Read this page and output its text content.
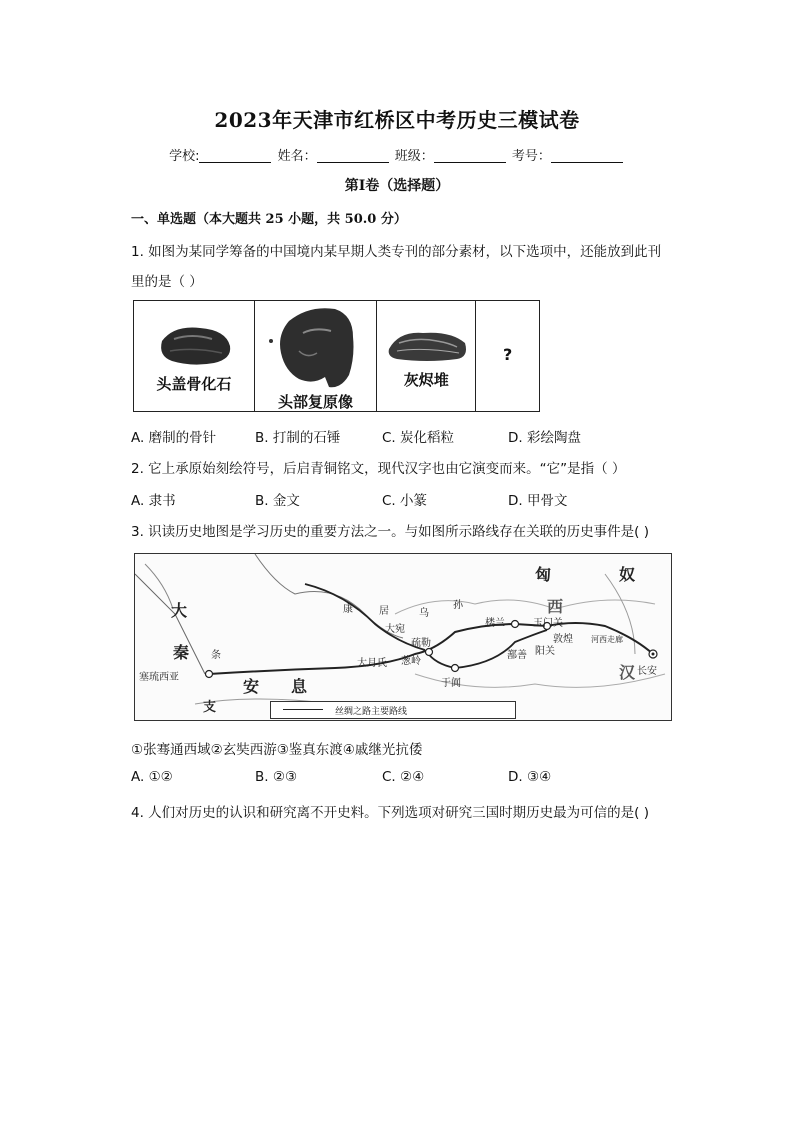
2023年天津市红桥区中考历史三模试卷
学校:	姓名：	班级：	考号：
第I卷（选择题）
一、单选题（本大题共 25 小题，共 50.0 分）
1. 如图为某同学筹备的中国境内某早期人类专刊的部分素材，以下选项中，还能放到此刊
里的是（ ）
头盖骨化石
头部复原像
灰烬堆
?
A. 磨制的骨针	B. 打制的石锤	C. 炭化稻粒	D. 彩绘陶盘
2. 它上承原始刻绘符号，后启青铜铭文，现代汉字也由它演变而来。“它”是指（ ）
A. 隶书	B. 金文	C. 小篆	D. 甲骨文
3. 识读历史地图是学习历史的重要方法之一。与如图所示路线存在关联的历史事件是( )
大
秦
安 息
支
匈	奴
西
汉
康	居	乌
孙
大宛
疏勒
葱岭
大月氏
于阗
楼兰	玉门关
敦煌
阳关
鄯善
长安
塞琉西亚
条
河西走廊
丝绸之路主要路线
①张骞通西域②玄奘西游③鉴真东渡④戚继光抗倭
A. ①②	B. ②③	C. ②④	D. ③④
4. 人们对历史的认识和研究离不开史料。下列选项对研究三国时期历史最为可信的是( )
